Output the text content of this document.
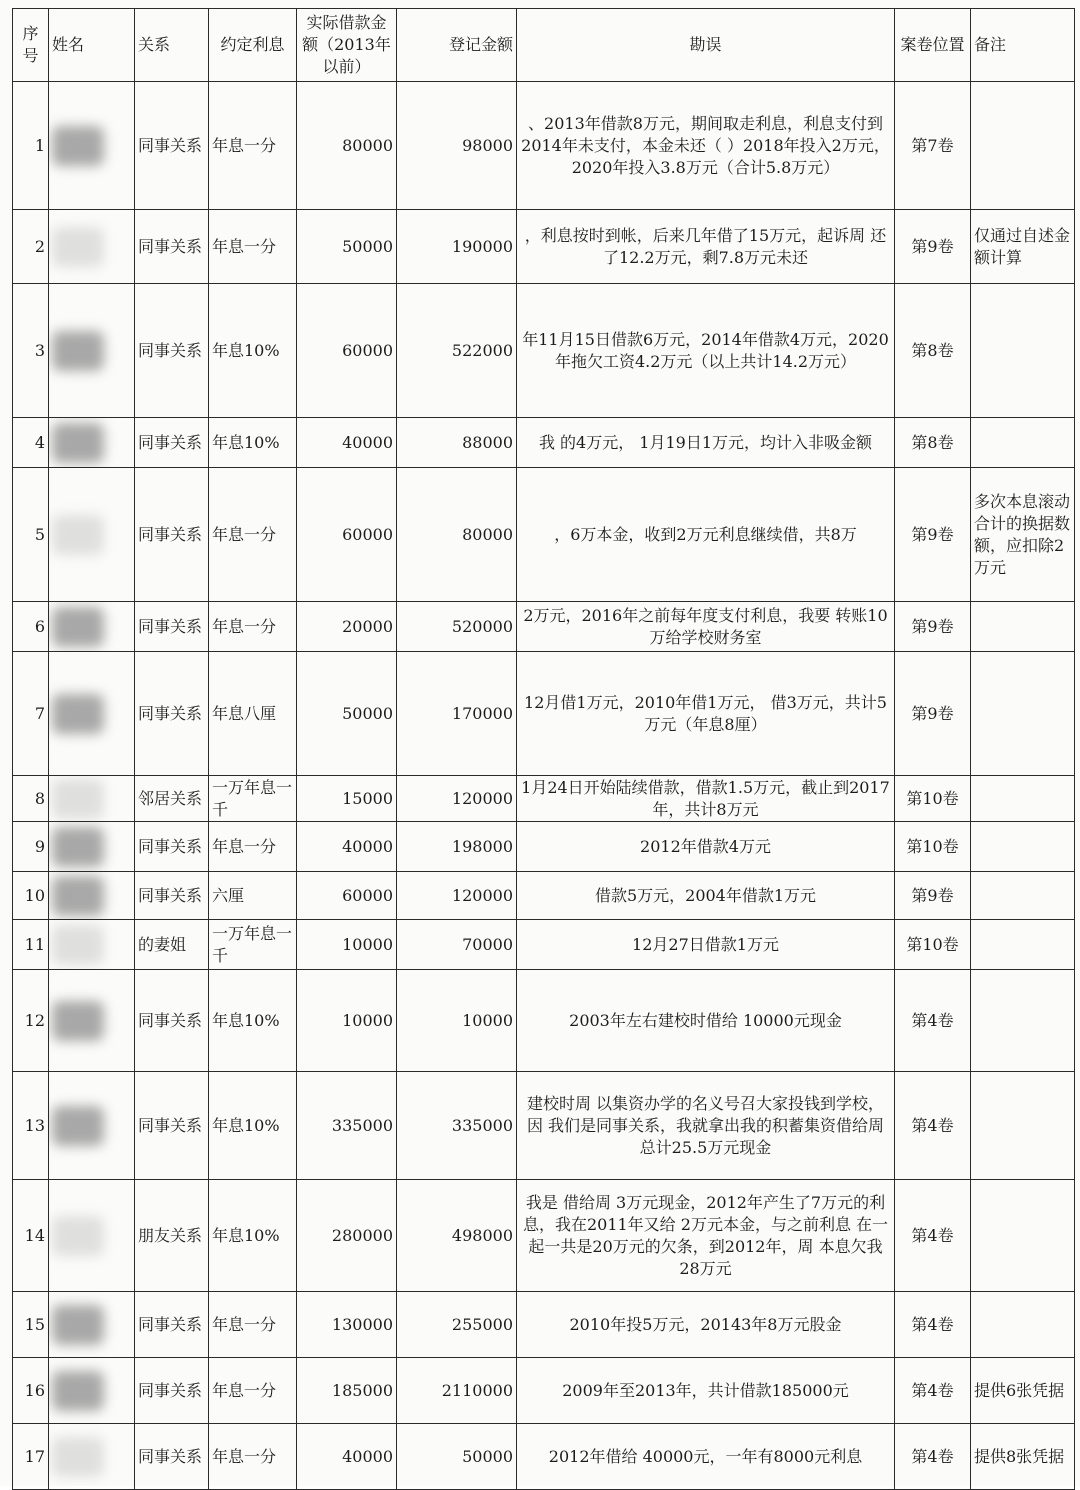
序号	姓名	关系	约定利息	实际借款金额（2013年以前）	登记金额	勘误	案卷位置	备注
1		同事关系	年息一分	80000	98000	、2013年借款8万元，期间取走利息，利息支付到2014年未支付，本金未还（ ）2018年投入2万元，2020年投入3.8万元（合计5.8万元）	第7卷	
2		同事关系	年息一分	50000	190000	，利息按时到帐，后来几年借了15万元，起诉周 还了12.2万元，剩7.8万元未还	第9卷	仅通过自述金额计算
3		同事关系	年息10%	60000	522000	年11月15日借款6万元，2014年借款4万元，2020年拖欠工资4.2万元（以上共计14.2万元）	第8卷	
4		同事关系	年息10%	40000	88000	我 的4万元， 1月19日1万元，均计入非吸金额	第8卷	
5		同事关系	年息一分	60000	80000	，6万本金，收到2万元利息继续借，共8万	第9卷	多次本息滚动合计的换据数额，应扣除2万元
6		同事关系	年息一分	20000	520000	2万元，2016年之前每年度支付利息，我要 转账10万给学校财务室	第9卷	
7		同事关系	年息八厘	50000	170000	12月借1万元，2010年借1万元， 借3万元，共计5万元（年息8厘）	第9卷	
8		邻居关系	一万年息一千	15000	120000	1月24日开始陆续借款，借款1.5万元，截止到2017年，共计8万元	第10卷	
9		同事关系	年息一分	40000	198000	2012年借款4万元	第10卷	
10		同事关系	六厘	60000	120000	借款5万元，2004年借款1万元	第9卷	
11		的妻姐	一万年息一千	10000	70000	12月27日借款1万元	第10卷	
12		同事关系	年息10%	10000	10000	2003年左右建校时借给 10000元现金	第4卷	
13		同事关系	年息10%	335000	335000	建校时周 以集资办学的名义号召大家投钱到学校，因 我们是同事关系，我就拿出我的积蓄集资借给周 总计25.5万元现金	第4卷	
14		朋友关系	年息10%	280000	498000	我是 借给周 3万元现金，2012年产生了7万元的利息，我在2011年又给 2万元本金，与之前利息 在一起一共是20万元的欠条，到2012年，周 本息欠我28万元	第4卷	
15		同事关系	年息一分	130000	255000	2010年投5万元，20143年8万元股金	第4卷	
16		同事关系	年息一分	185000	2110000	2009年至2013年，共计借款185000元	第4卷	提供6张凭据
17		同事关系	年息一分	40000	50000	2012年借给 40000元，一年有8000元利息	第4卷	提供8张凭据
